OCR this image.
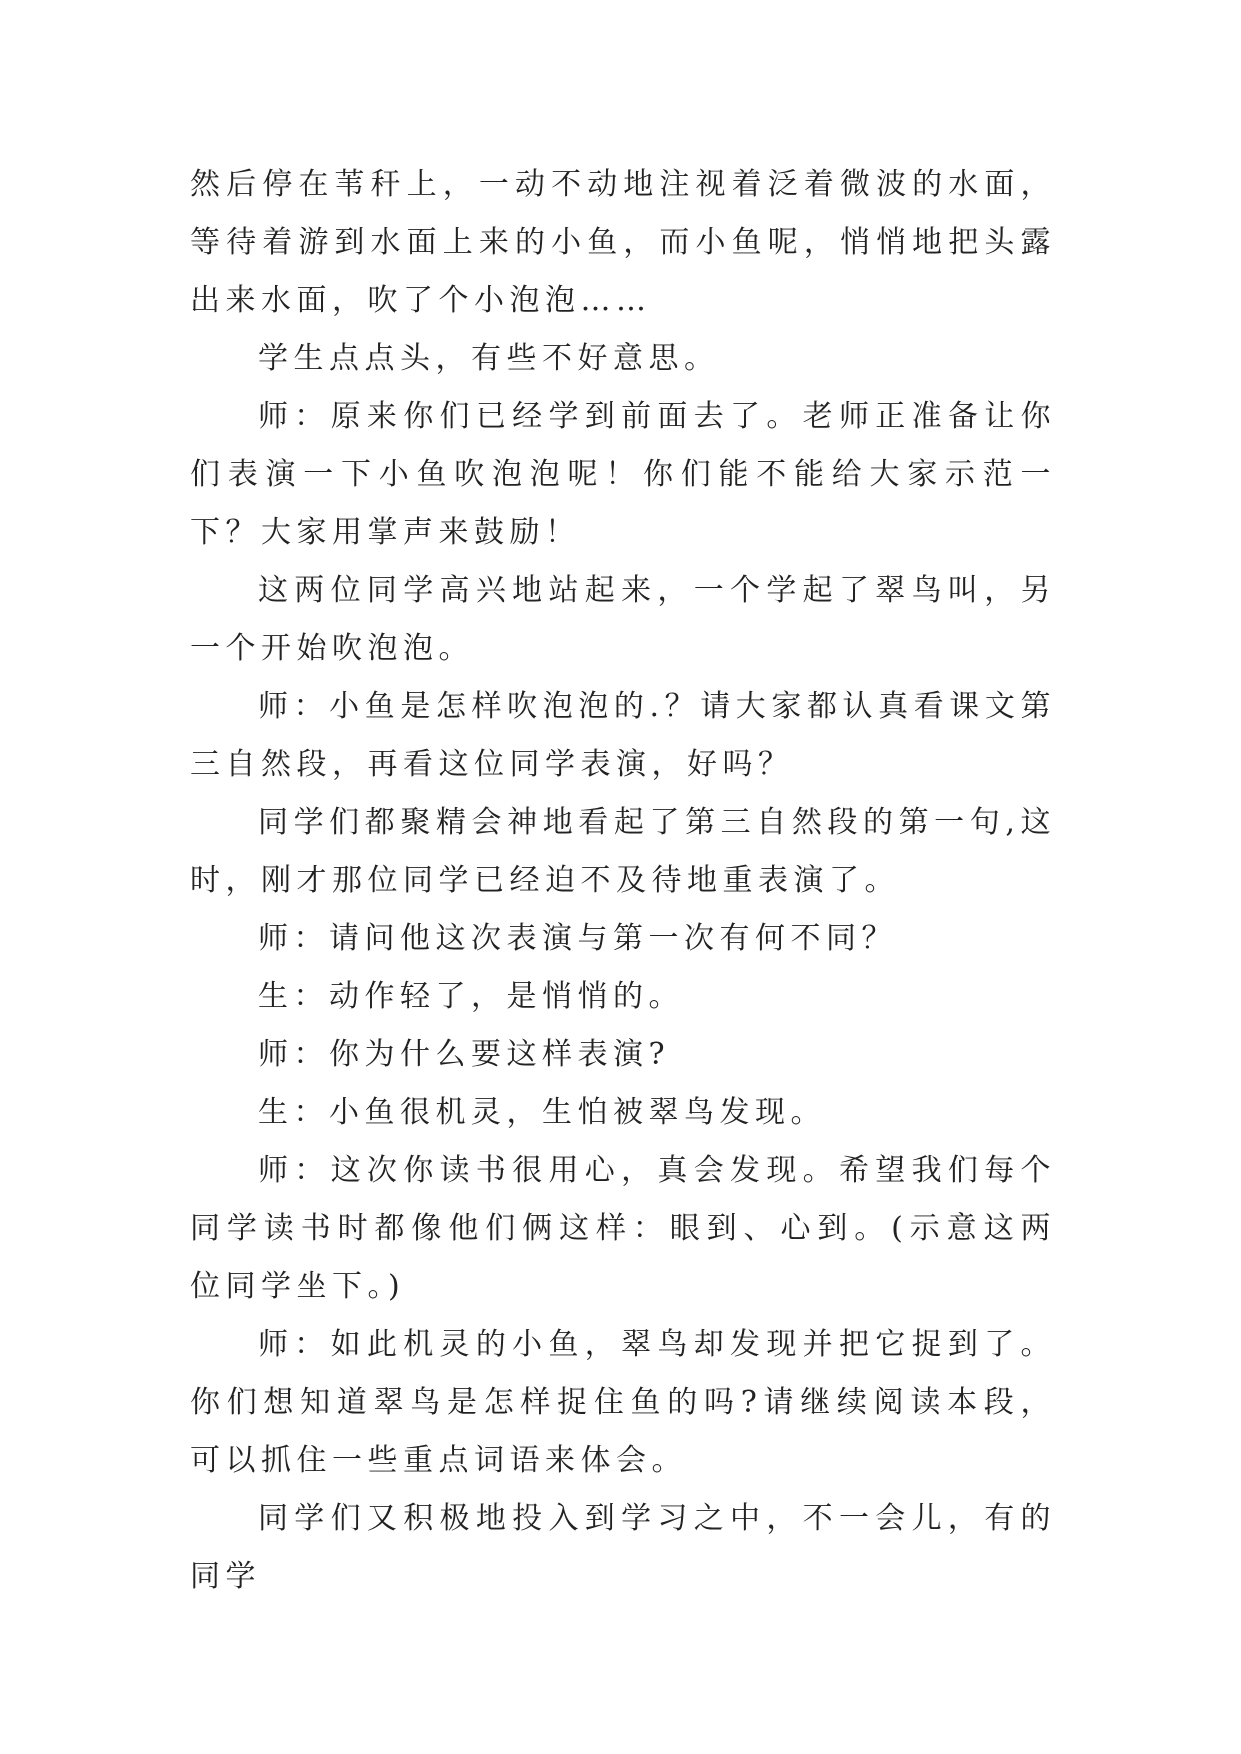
然后停在苇秆上，一动不动地注视着泛着微波的水面，等待着游到水面上来的小鱼，而小鱼呢，悄悄地把头露出来水面，吹了个小泡泡……

学生点点头，有些不好意思。

师：原来你们已经学到前面去了。老师正准备让你们表演一下小鱼吹泡泡呢！你们能不能给大家示范一下？大家用掌声来鼓励！

这两位同学高兴地站起来，一个学起了翠鸟叫，另一个开始吹泡泡。

师：小鱼是怎样吹泡泡的.？请大家都认真看课文第三自然段，再看这位同学表演，好吗？

同学们都聚精会神地看起了第三自然段的第一句,这时，刚才那位同学已经迫不及待地重表演了。

师：请问他这次表演与第一次有何不同？

生：动作轻了，是悄悄的。

师：你为什么要这样表演?

生：小鱼很机灵，生怕被翠鸟发现。

师：这次你读书很用心，真会发现。希望我们每个同学读书时都像他们俩这样：眼到、心到。(示意这两位同学坐下。)

师：如此机灵的小鱼，翠鸟却发现并把它捉到了。你们想知道翠鸟是怎样捉住鱼的吗?请继续阅读本段，可以抓住一些重点词语来体会。

同学们又积极地投入到学习之中，不一会儿，有的同学
